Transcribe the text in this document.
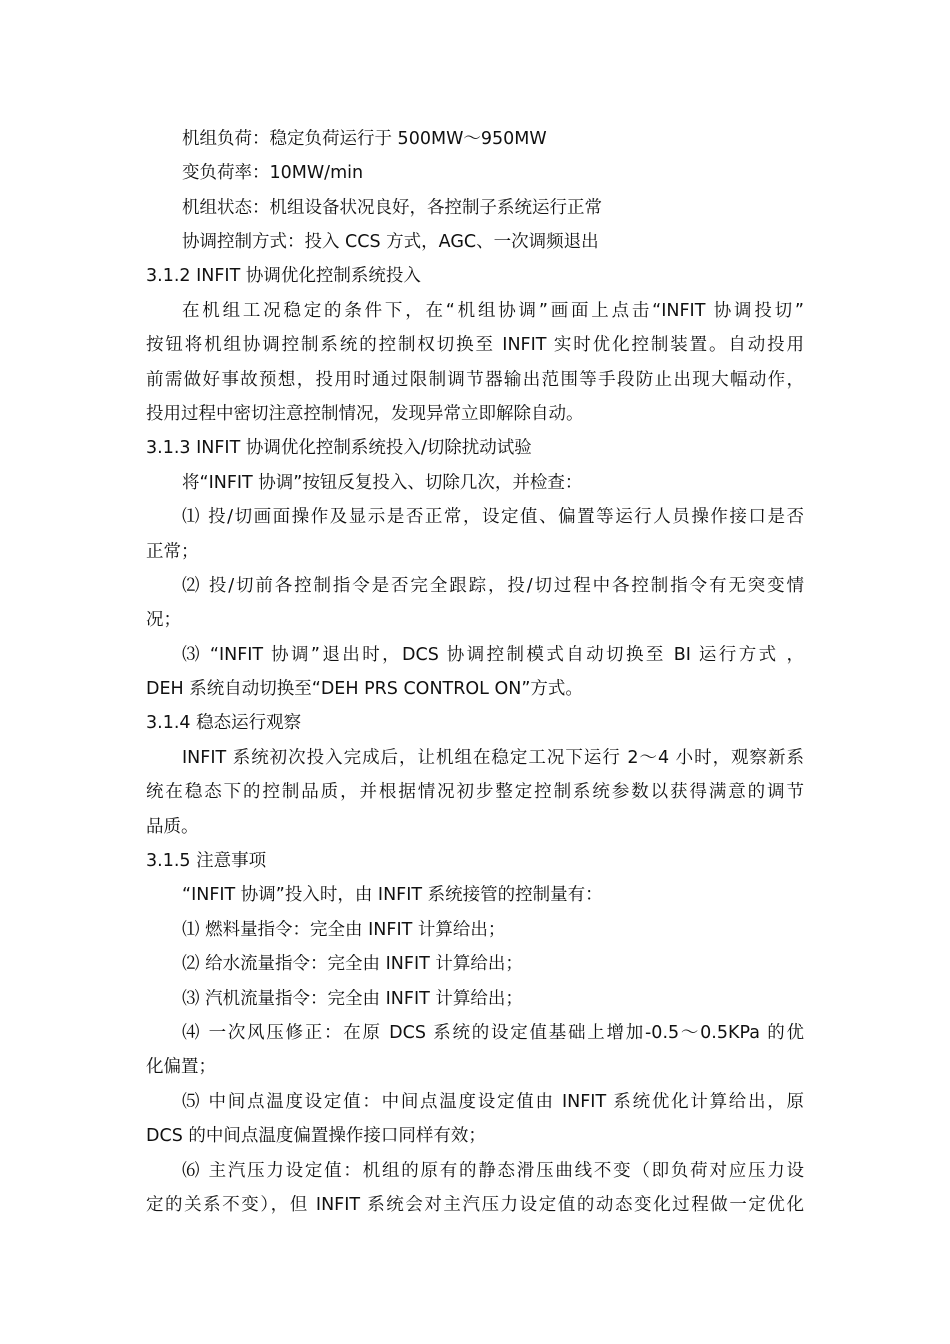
机组负荷：稳定负荷运行于 500MW～950MW
变负荷率：10MW/min
机组状态：机组设备状况良好，各控制子系统运行正常
协调控制方式：投入 CCS 方式，AGC、一次调频退出
3.1.2 INFIT 协调优化控制系统投入
在机组工况稳定的条件下，在“机组协调”画面上点击“INFIT 协调投切”
按钮将机组协调控制系统的控制权切换至 INFIT 实时优化控制装置。自动投用
前需做好事故预想，投用时通过限制调节器输出范围等手段防止出现大幅动作，
投用过程中密切注意控制情况，发现异常立即解除自动。
3.1.3 INFIT 协调优化控制系统投入/切除扰动试验
将“INFIT 协调”按钮反复投入、切除几次，并检查：
⑴ 投/切画面操作及显示是否正常，设定值、偏置等运行人员操作接口是否
正常；
⑵ 投/切前各控制指令是否完全跟踪，投/切过程中各控制指令有无突变情
况；
⑶ “INFIT 协调”退出时，DCS 协调控制模式自动切换至 BI 运行方式 ，
DEH 系统自动切换至“DEH PRS CONTROL ON”方式。
3.1.4 稳态运行观察
INFIT 系统初次投入完成后，让机组在稳定工况下运行 2～4 小时，观察新系
统在稳态下的控制品质，并根据情况初步整定控制系统参数以获得满意的调节
品质。
3.1.5 注意事项
“INFIT 协调”投入时，由 INFIT 系统接管的控制量有：
⑴ 燃料量指令：完全由 INFIT 计算给出；
⑵ 给水流量指令：完全由 INFIT 计算给出；
⑶ 汽机流量指令：完全由 INFIT 计算给出；
⑷ 一次风压修正：在原 DCS 系统的设定值基础上增加-0.5～0.5KPa 的优
化偏置；
⑸ 中间点温度设定值：中间点温度设定值由 INFIT 系统优化计算给出，原
DCS 的中间点温度偏置操作接口同样有效；
⑹ 主汽压力设定值：机组的原有的静态滑压曲线不变（即负荷对应压力设
定的关系不变），但 INFIT 系统会对主汽压力设定值的动态变化过程做一定优化
